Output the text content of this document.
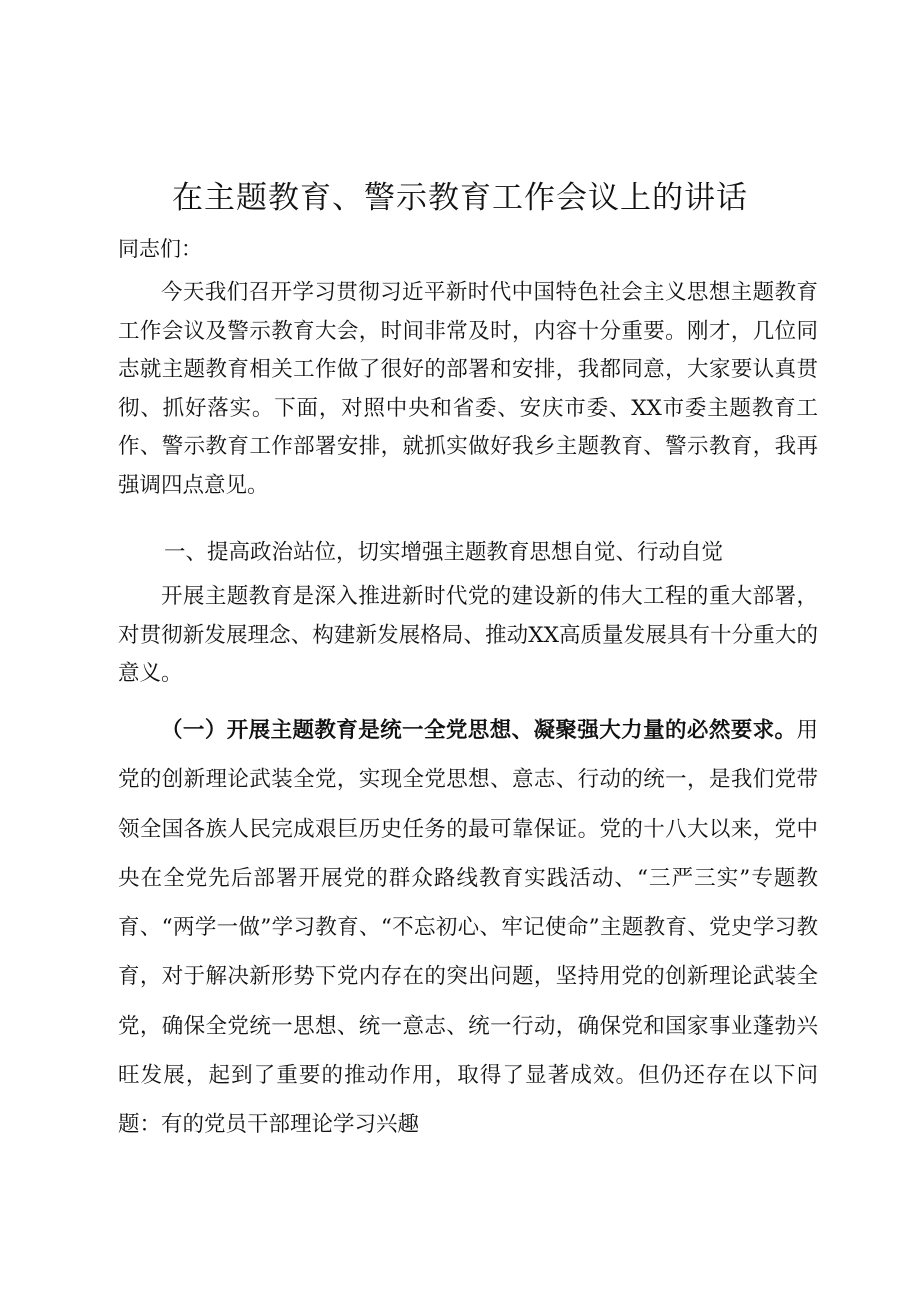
在主题教育、警示教育工作会议上的讲话
同志们：

今天我们召开学习贯彻习近平新时代中国特色社会主义思想主题教育工作会议及警示教育大会，时间非常及时，内容十分重要。刚才，几位同志就主题教育相关工作做了很好的部署和安排，我都同意，大家要认真贯彻、抓好落实。下面，对照中央和省委、安庆市委、XX市委主题教育工作、警示教育工作部署安排，就抓实做好我乡主题教育、警示教育，我再强调四点意见。

一、提高政治站位，切实增强主题教育思想自觉、行动自觉

开展主题教育是深入推进新时代党的建设新的伟大工程的重大部署，对贯彻新发展理念、构建新发展格局、推动XX高质量发展具有十分重大的意义。

（一）开展主题教育是统一全党思想、凝聚强大力量的必然要求。用党的创新理论武装全党，实现全党思想、意志、行动的统一，是我们党带领全国各族人民完成艰巨历史任务的最可靠保证。党的十八大以来，党中央在全党先后部署开展党的群众路线教育实践活动、“三严三实”专题教育、“两学一做”学习教育、“不忘初心、牢记使命”主题教育、党史学习教育，对于解决新形势下党内存在的突出问题，坚持用党的创新理论武装全党，确保全党统一思想、统一意志、统一行动，确保党和国家事业蓬勃兴旺发展，起到了重要的推动作用，取得了显著成效。但仍还存在以下问题：有的党员干部理论学习兴趣
